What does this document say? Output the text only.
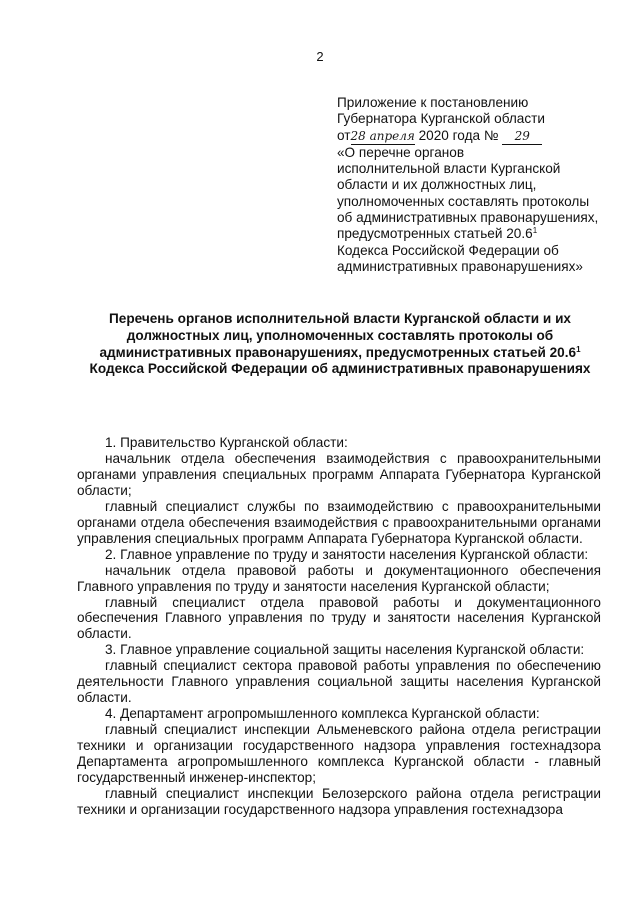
2
Приложение к постановлению
Губернатора Курганской области
от28 апреля 2020 года № 29
«О перечне органов
исполнительной власти Курганской
области и их должностных лиц,
уполномоченных составлять протоколы
об административных правонарушениях,
предусмотренных статьей 20.6$^1$
Кодекса Российской Федерации об
административных правонарушениях»
Перечень органов исполнительной власти Курганской области и их
должностных лиц, уполномоченных составлять протоколы об
административных правонарушениях, предусмотренных статьей 20.6$^1$
Кодекса Российской Федерации об административных правонарушениях

1. Правительство Курганской области:

начальник отдела обеспечения взаимодействия с правоохранительными органами управления специальных программ Аппарата Губернатора Курганской области;

главный специалист службы по взаимодействию с правоохранительными органами отдела обеспечения взаимодействия с правоохранительными органами управления специальных программ Аппарата Губернатора Курганской области.

2. Главное управление по труду и занятости населения Курганской области:

начальник отдела правовой работы и документационного обеспечения Главного управления по труду и занятости населения Курганской области;

главный специалист отдела правовой работы и документационного обеспечения Главного управления по труду и занятости населения Курганской области.

3. Главное управление социальной защиты населения Курганской области:

главный специалист сектора правовой работы управления по обеспечению деятельности Главного управления социальной защиты населения Курганской области.

4. Департамент агропромышленного комплекса Курганской области:

главный специалист инспекции Альменевского района отдела регистрации техники и организации государственного надзора управления гостехнадзора Департамента агропромышленного комплекса Курганской области - главный государственный инженер-инспектор;

главный специалист инспекции Белозерского района отдела регистрации техники и организации государственного надзора управления гостехнадзора
